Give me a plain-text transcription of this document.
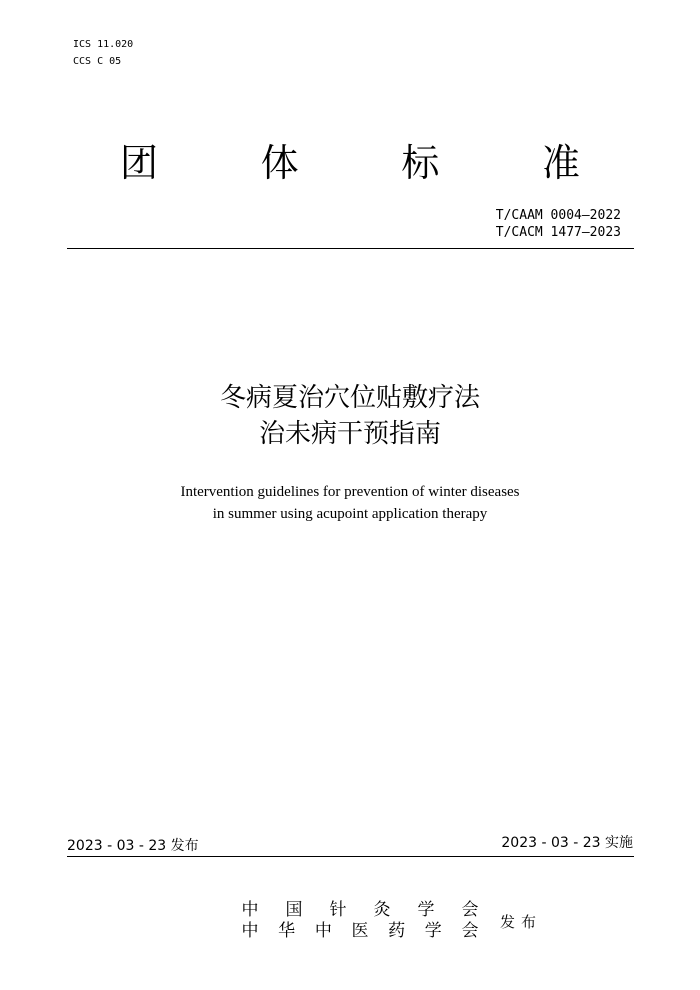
ICS 11.020
CCS C 05
团	体	标	准
T/CAAM 0004—2022
T/CACM 1477—2023
冬病夏治穴位贴敷疗法
治未病干预指南
Intervention guidelines for prevention of winter diseases
in summer using acupoint application therapy
2023 - 03 - 23 发布	2023 - 03 - 23 实施
中 国 针 灸 学 会
中 华 中 医 药 学 会 发布
